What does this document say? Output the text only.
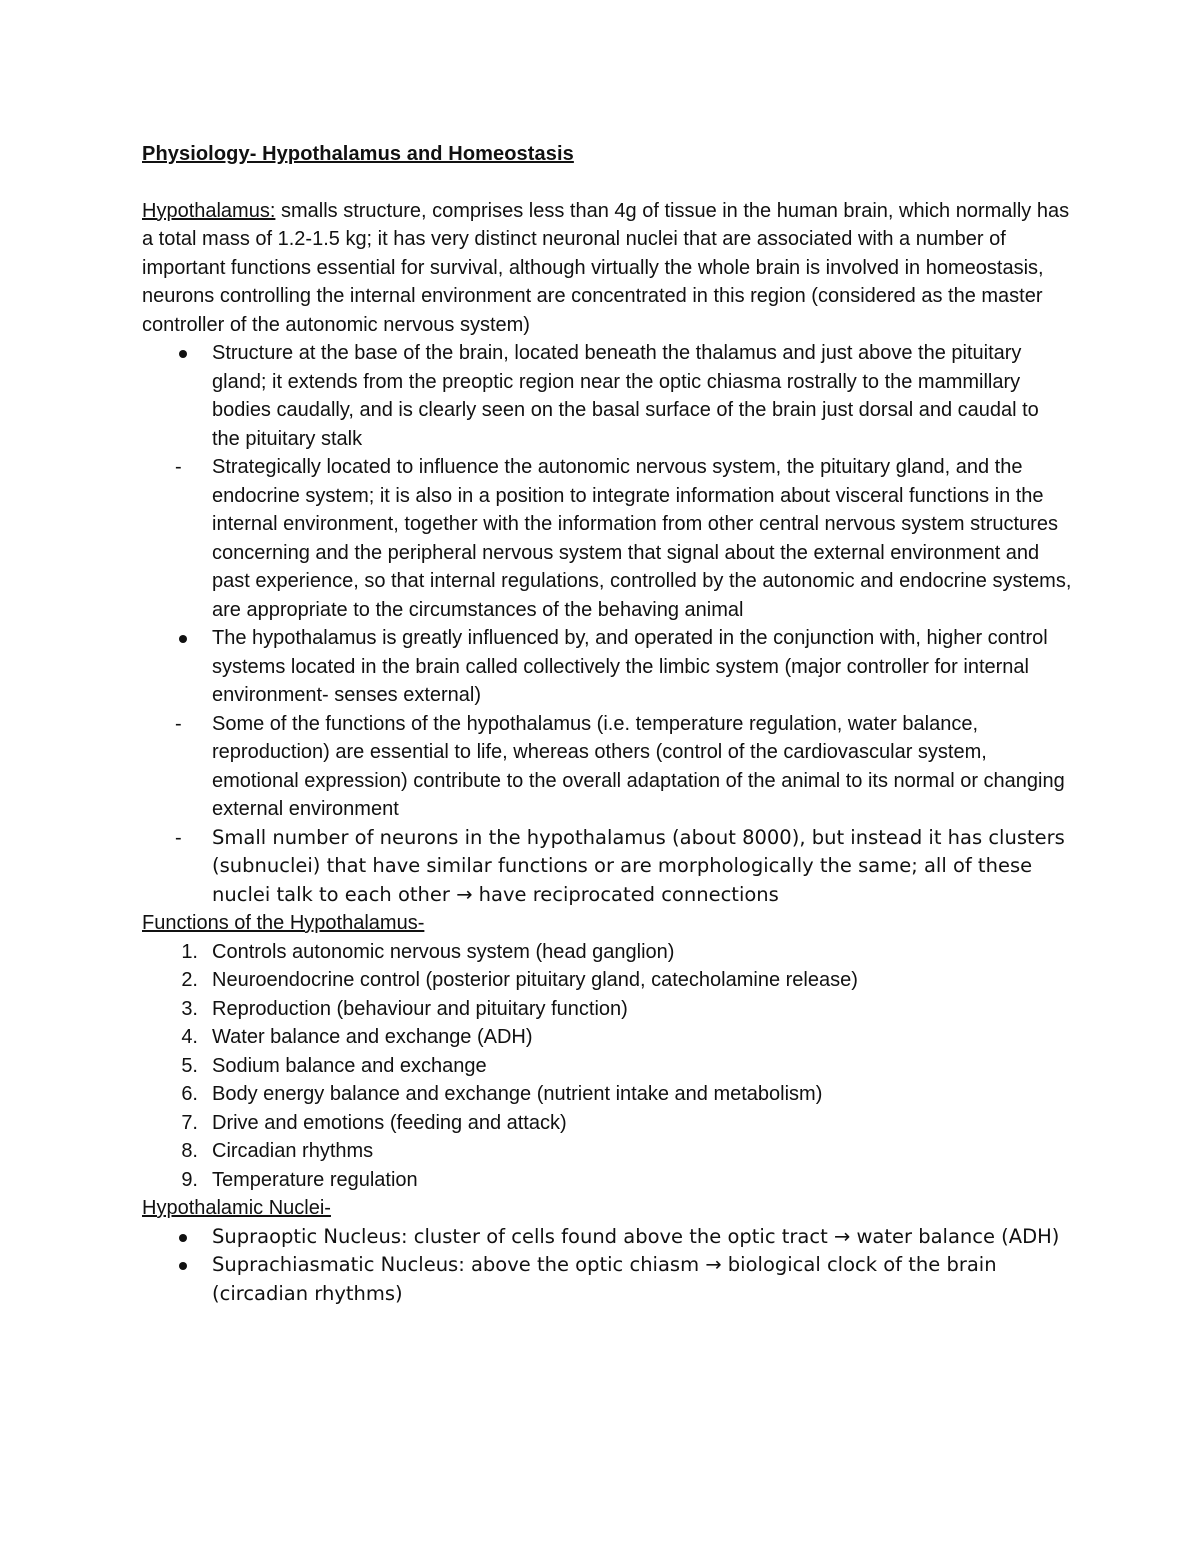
Physiology- Hypothalamus and Homeostasis

Hypothalamus: smalls structure, comprises less than 4g of tissue in the human brain, which normally has a total mass of 1.2-1.5 kg; it has very distinct neuronal nuclei that are associated with a number of important functions essential for survival, although virtually the whole brain is involved in homeostasis, neurons controlling the internal environment are concentrated in this region (considered as the master controller of the autonomic nervous system)

Structure at the base of the brain, located beneath the thalamus and just above the pituitary gland; it extends from the preoptic region near the optic chiasma rostrally to the mammillary bodies caudally, and is clearly seen on the basal surface of the brain just dorsal and caudal to the pituitary stalk
- Strategically located to influence the autonomic nervous system, the pituitary gland, and the endocrine system; it is also in a position to integrate information about visceral functions in the internal environment, together with the information from other central nervous system structures concerning and the peripheral nervous system that signal about the external environment and past experience, so that internal regulations, controlled by the autonomic and endocrine systems, are appropriate to the circumstances of the behaving animal
The hypothalamus is greatly influenced by, and operated in the conjunction with, higher control systems located in the brain called collectively the limbic system (major controller for internal environment- senses external)
- Some of the functions of the hypothalamus (i.e. temperature regulation, water balance, reproduction) are essential to life, whereas others (control of the cardiovascular system, emotional expression) contribute to the overall adaptation of the animal to its normal or changing external environment
- Small number of neurons in the hypothalamus (about 8000), but instead it has clusters (subnuclei) that have similar functions or are morphologically the same; all of these nuclei talk to each other → have reciprocated connections
Functions of the Hypothalamus-
1. Controls autonomic nervous system (head ganglion)
2. Neuroendocrine control (posterior pituitary gland, catecholamine release)
3. Reproduction (behaviour and pituitary function)
4. Water balance and exchange (ADH)
5. Sodium balance and exchange
6. Body energy balance and exchange (nutrient intake and metabolism)
7. Drive and emotions (feeding and attack)
8. Circadian rhythms
9. Temperature regulation
Hypothalamic Nuclei-
Supraoptic Nucleus: cluster of cells found above the optic tract → water balance (ADH)
Suprachiasmatic Nucleus: above the optic chiasm → biological clock of the brain (circadian rhythms)
